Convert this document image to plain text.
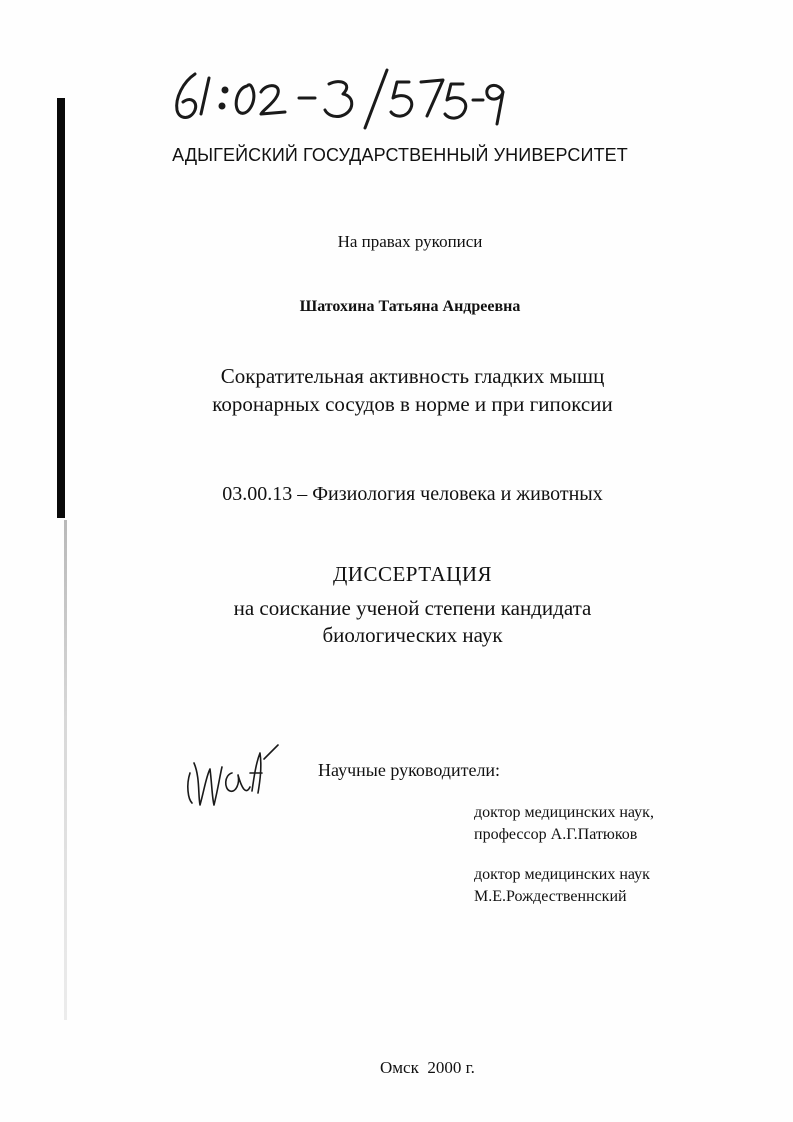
АДЫГЕЙСКИЙ ГОСУДАРСТВЕННЫЙ УНИВЕРСИТЕТ
На правах рукописи
Шатохина Татьяна Андреевна
Сократительная активность гладких мышц
коронарных сосудов в норме и при гипоксии
03.00.13 – Физиология человека и животных
ДИССЕРТАЦИЯ
на соискание ученой степени кандидата
биологических наук
Научные руководители:
доктор медицинских наук,
профессор А.Г.Патюков
доктор медицинских наук
М.Е.Рождественнский
Омск  2000 г.
